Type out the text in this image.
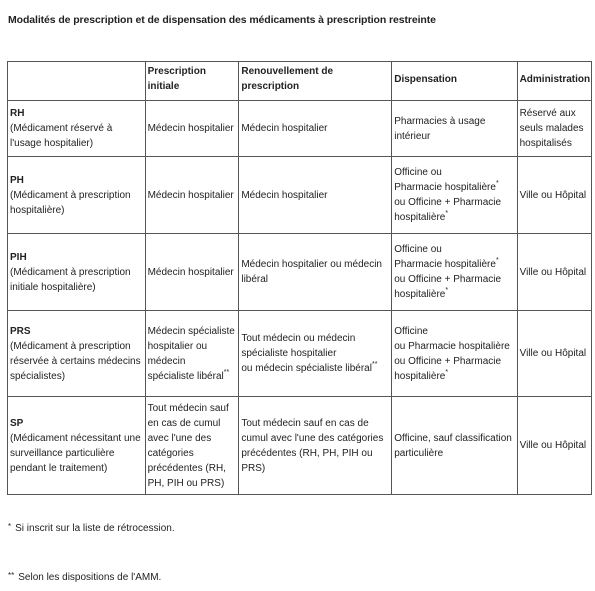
Modalités de prescription et de dispensation des médicaments à prescription restreinte
	Prescription initiale	Renouvellement de prescription	Dispensation	Administration

RH
(Médicament réservé à l'usage hospitalier)	Médecin hospitalier	Médecin hospitalier	Pharmacies à usage intérieur	Réservé aux seuls malades hospitalisés

PH
(Médicament à prescription hospitalière)	Médecin hospitalier	Médecin hospitalier	Officine ou
Pharmacie hospitalière*
ou Officine + Pharmacie
hospitalière*	Ville ou Hôpital

PIH
(Médicament à prescription initiale hospitalière)	Médecin hospitalier	Médecin hospitalier ou médecin libéral	Officine ou
Pharmacie hospitalière*
ou Officine + Pharmacie
hospitalière*	Ville ou Hôpital

PRS
(Médicament à prescription réservée à certains médecins spécialistes)	Médecin spécialiste hospitalier ou médecin
spécialiste libéral**	Tout médecin ou médecin spécialiste hospitalier
ou médecin spécialiste libéral**	Officine
ou Pharmacie hospitalière
ou Officine + Pharmacie
hospitalière*	Ville ou Hôpital

SP
(Médicament nécessitant une surveillance particulière pendant le traitement)	Tout médecin sauf en cas de cumul avec l'une des catégories précédentes (RH, PH, PIH ou PRS)	Tout médecin sauf en cas de cumul avec l'une des catégories précédentes (RH, PH, PIH ou PRS)	Officine, sauf classification particulière	Ville ou Hôpital
* Si inscrit sur la liste de rétrocession.
** Selon les dispositions de l'AMM.
